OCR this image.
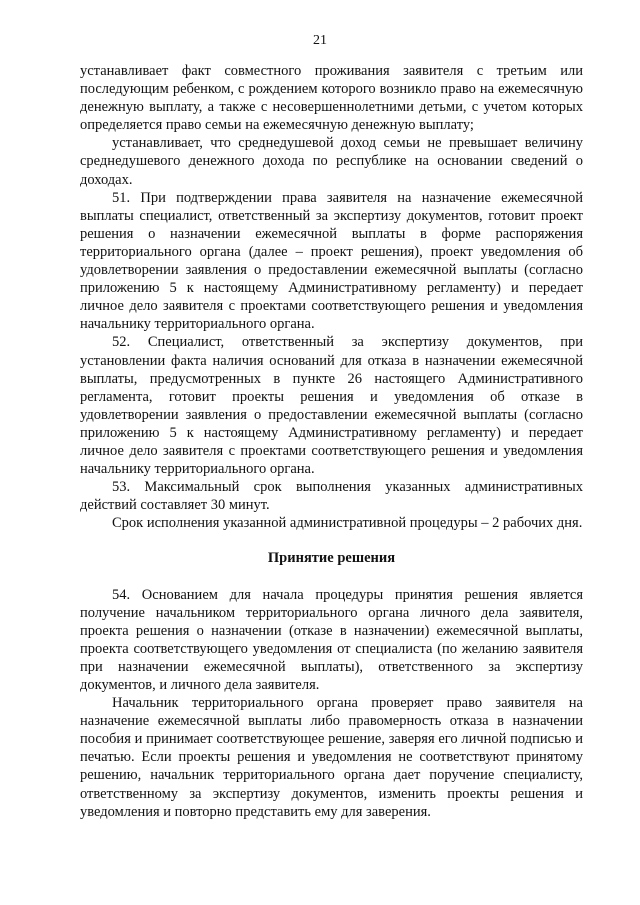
21

устанавливает факт совместного проживания заявителя с третьим или последующим ребенком, с рождением которого возникло право на ежемесячную денежную выплату, а также с несовершеннолетними детьми, с учетом которых определяется право семьи на ежемесячную денежную выплату;

устанавливает, что среднедушевой доход семьи не превышает величину среднедушевого денежного дохода по республике на основании сведений о доходах.

51. При подтверждении права заявителя на назначение ежемесячной выплаты специалист, ответственный за экспертизу документов, готовит проект решения о назначении ежемесячной выплаты в форме распоряжения территориального органа (далее – проект решения), проект уведомления об удовлетворении заявления о предоставлении ежемесячной выплаты (согласно приложению 5 к настоящему Административному регламенту) и передает личное дело заявителя с проектами соответствующего решения и уведомления начальнику территориального органа.

52. Специалист, ответственный за экспертизу документов, при установлении факта наличия оснований для отказа в назначении ежемесячной выплаты, предусмотренных в пункте 26 настоящего Административного регламента, готовит проекты решения и уведомления об отказе в удовлетворении заявления о предоставлении ежемесячной выплаты (согласно приложению 5 к настоящему Административному регламенту) и передает личное дело заявителя с проектами соответствующего решения и уведомления начальнику территориального органа.

53. Максимальный срок выполнения указанных административных действий составляет 30 минут.

Срок исполнения указанной административной процедуры – 2 рабочих дня.

Принятие решения

54. Основанием для начала процедуры принятия решения является получение начальником территориального органа личного дела заявителя, проекта решения о назначении (отказе в назначении) ежемесячной выплаты, проекта соответствующего уведомления от специалиста (по желанию заявителя при назначении ежемесячной выплаты), ответственного за экспертизу документов, и личного дела заявителя.

Начальник территориального органа проверяет право заявителя на назначение ежемесячной выплаты либо правомерность отказа в назначении пособия и принимает соответствующее решение, заверяя его личной подписью и печатью. Если проекты решения и уведомления не соответствуют принятому решению, начальник территориального органа дает поручение специалисту, ответственному за экспертизу документов, изменить проекты решения и уведомления и повторно представить ему для заверения.
